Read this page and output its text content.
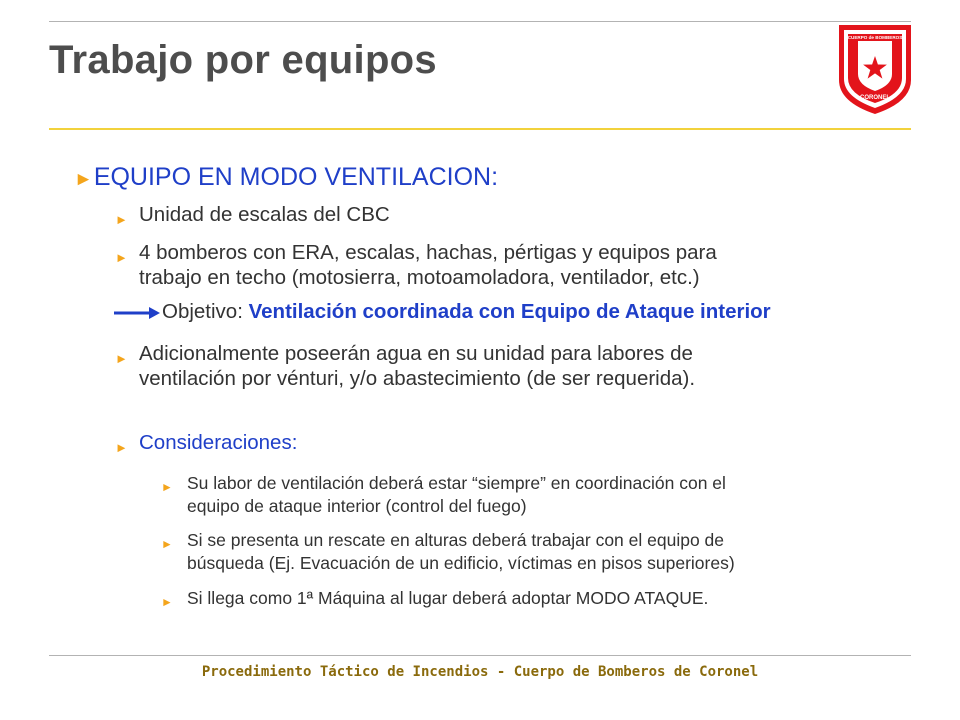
Trabajo por equipos
CUERPO de BOMBEROS
CORONEL
►EQUIPO EN MODO VENTILACION:
► Unidad de escalas del CBC
► 4 bomberos con ERA, escalas, hachas, pértigas y equipos para
trabajo en techo (motosierra, motoamoladora, ventilador, etc.)
Objetivo: Ventilación coordinada con Equipo de Ataque interior
► Adicionalmente poseerán agua en su unidad para labores de
ventilación por vénturi, y/o abastecimiento (de ser requerida).
► Consideraciones:
► Su labor de ventilación deberá estar “siempre” en coordinación con el
equipo de ataque interior (control del fuego)
► Si se presenta un rescate en alturas deberá trabajar con el equipo de
búsqueda (Ej. Evacuación de un edificio, víctimas en pisos superiores)
► Si llega como 1ª Máquina al lugar deberá adoptar MODO ATAQUE.
Procedimiento Táctico de Incendios - Cuerpo de Bomberos de Coronel
